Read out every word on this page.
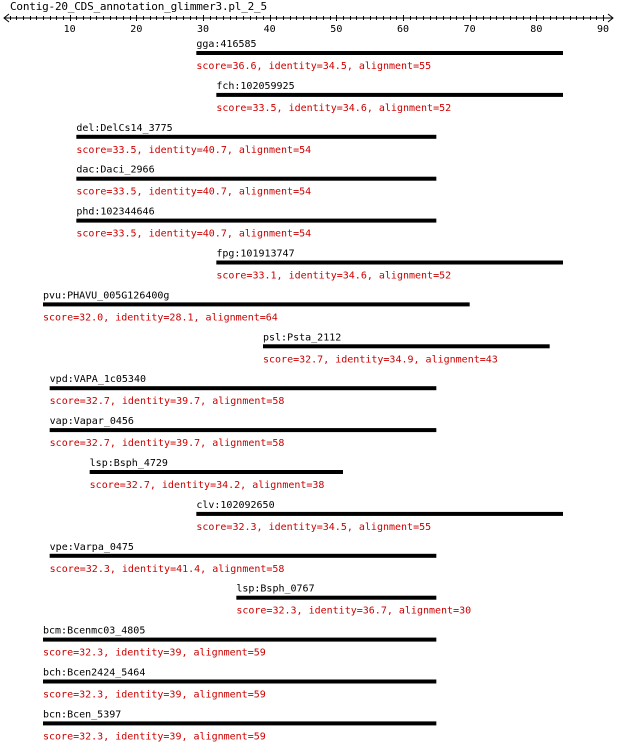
Contig-20_CDS_annotation_glimmer3.pl_2_5
10	20	30	40	50	60	70	80	90
gga:416585
score=36.6, identity=34.5, alignment=55
fch:102059925
score=33.5, identity=34.6, alignment=52
del:DelCs14_3775
score=33.5, identity=40.7, alignment=54
dac:Daci_2966
score=33.5, identity=40.7, alignment=54
phd:102344646
score=33.5, identity=40.7, alignment=54
fpg:101913747
score=33.1, identity=34.6, alignment=52
pvu:PHAVU_005G126400g
score=32.0, identity=28.1, alignment=64
psl:Psta_2112
score=32.7, identity=34.9, alignment=43
vpd:VAPA_1c05340
score=32.7, identity=39.7, alignment=58
vap:Vapar_0456
score=32.7, identity=39.7, alignment=58
lsp:Bsph_4729
score=32.7, identity=34.2, alignment=38
clv:102092650
score=32.3, identity=34.5, alignment=55
vpe:Varpa_0475
score=32.3, identity=41.4, alignment=58
lsp:Bsph_0767
score=32.3, identity=36.7, alignment=30
bcm:Bcenmc03_4805
score=32.3, identity=39, alignment=59
bch:Bcen2424_5464
score=32.3, identity=39, alignment=59
bcn:Bcen_5397
score=32.3, identity=39, alignment=59
